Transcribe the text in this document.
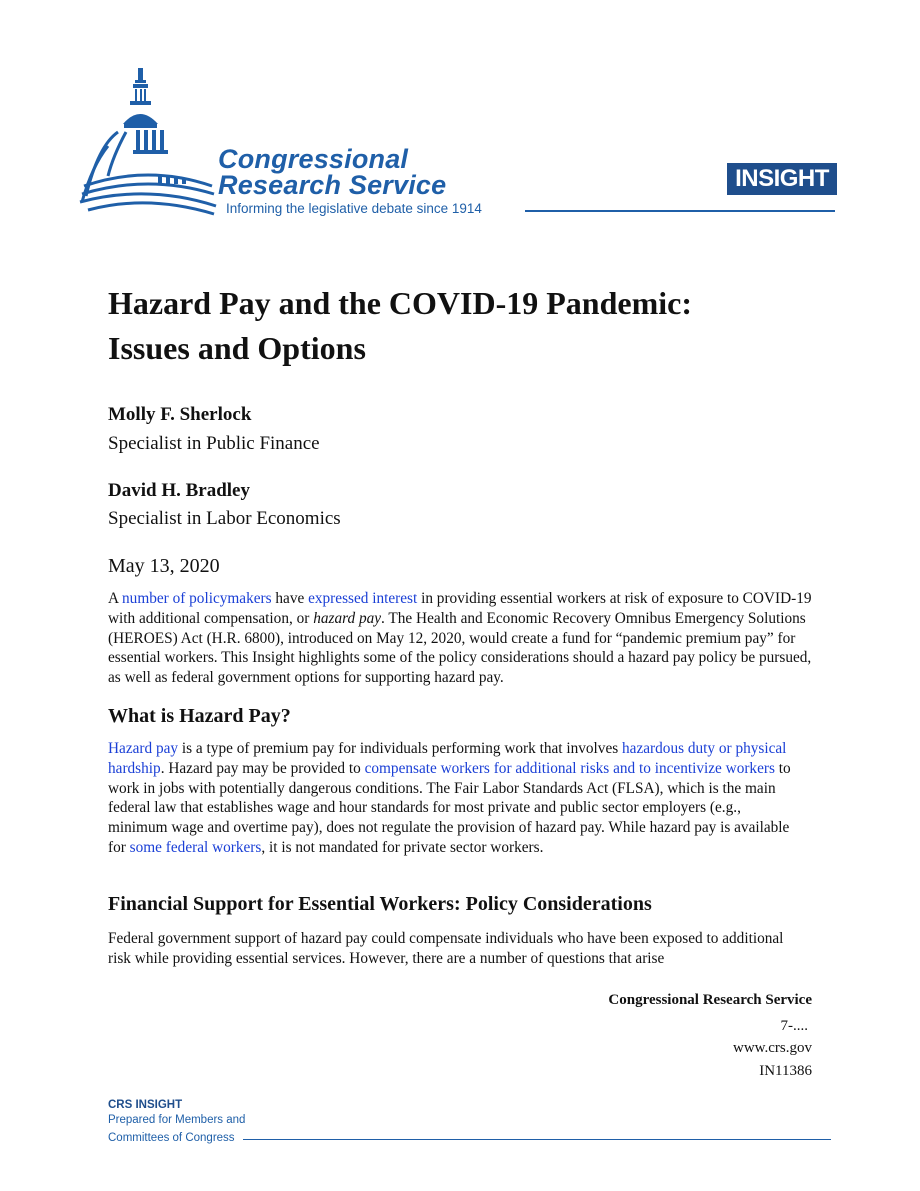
Congressional
Research Service
Informing the legislative debate since 1914
INSIGHT
Hazard Pay and the COVID-19 Pandemic:
Issues and Options
Molly F. Sherlock
Specialist in Public Finance
David H. Bradley
Specialist in Labor Economics
May 13, 2020
A number of policymakers have expressed interest in providing essential workers at risk of exposure to COVID-19 with additional compensation, or hazard pay. The Health and Economic Recovery Omnibus Emergency Solutions (HEROES) Act (H.R. 6800), introduced on May 12, 2020, would create a fund for “pandemic premium pay” for essential workers. This Insight highlights some of the policy considerations should a hazard pay policy be pursued, as well as federal government options for supporting hazard pay.
What is Hazard Pay?
Hazard pay is a type of premium pay for individuals performing work that involves hazardous duty or physical hardship. Hazard pay may be provided to compensate workers for additional risks and to incentivize workers to work in jobs with potentially dangerous conditions. The Fair Labor Standards Act (FLSA), which is the main federal law that establishes wage and hour standards for most private and public sector employers (e.g., minimum wage and overtime pay), does not regulate the provision of hazard pay. While hazard pay is available for some federal workers, it is not mandated for private sector workers.
Financial Support for Essential Workers: Policy Considerations
Federal government support of hazard pay could compensate individuals who have been exposed to additional risk while providing essential services. However, there are a number of questions that arise
Congressional Research Service
7-....
www.crs.gov
IN11386
CRS INSIGHT
Prepared for Members and
Committees of Congress
